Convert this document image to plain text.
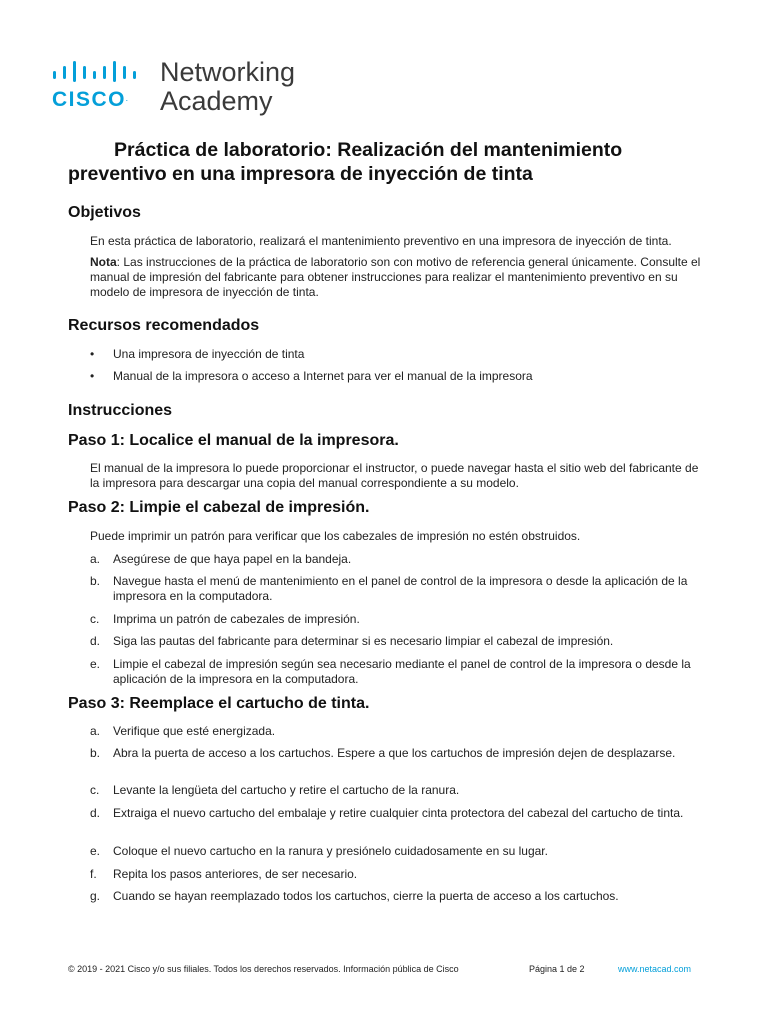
CISCO.
Networking
Academy
Práctica de laboratorio: Realización del mantenimiento
preventivo en una impresora de inyección de tinta
Objetivos

En esta práctica de laboratorio, realizará el mantenimiento preventivo en una impresora de inyección de tinta.

Nota: Las instrucciones de la práctica de laboratorio son con motivo de referencia general únicamente. Consulte el manual de impresión del fabricante para obtener instrucciones para realizar el mantenimiento preventivo en su modelo de impresora de inyección de tinta.

Recursos recomendados
•	Una impresora de inyección de tinta
•	Manual de la impresora o acceso a Internet para ver el manual de la impresora
Instrucciones
Paso 1: Localice el manual de la impresora.

El manual de la impresora lo puede proporcionar el instructor, o puede navegar hasta el sitio web del fabricante de la impresora para descargar una copia del manual correspondiente a su modelo.

Paso 2: Limpie el cabezal de impresión.

Puede imprimir un patrón para verificar que los cabezales de impresión no estén obstruidos.

a.	Asegúrese de que haya papel en la bandeja.
b.	Navegue hasta el menú de mantenimiento en el panel de control de la impresora o desde la aplicación de la impresora en la computadora.
c.	Imprima un patrón de cabezales de impresión.
d.	Siga las pautas del fabricante para determinar si es necesario limpiar el cabezal de impresión.
e.	Limpie el cabezal de impresión según sea necesario mediante el panel de control de la impresora o desde la aplicación de la impresora en la computadora.
Paso 3: Reemplace el cartucho de tinta.
a.	Verifique que esté energizada.
b.	Abra la puerta de acceso a los cartuchos. Espere a que los cartuchos de impresión dejen de desplazarse.
c.	Levante la lengüeta del cartucho y retire el cartucho de la ranura.
d.	Extraiga el nuevo cartucho del embalaje y retire cualquier cinta protectora del cabezal del cartucho de tinta.
e.	Coloque el nuevo cartucho en la ranura y presiónelo cuidadosamente en su lugar.
f.	Repita los pasos anteriores, de ser necesario.
g.	Cuando se hayan reemplazado todos los cartuchos, cierre la puerta de acceso a los cartuchos.
© 2019 - 2021 Cisco y/o sus filiales. Todos los derechos reservados. Información pública de Cisco	Página 1 de 2	www.netacad.com
